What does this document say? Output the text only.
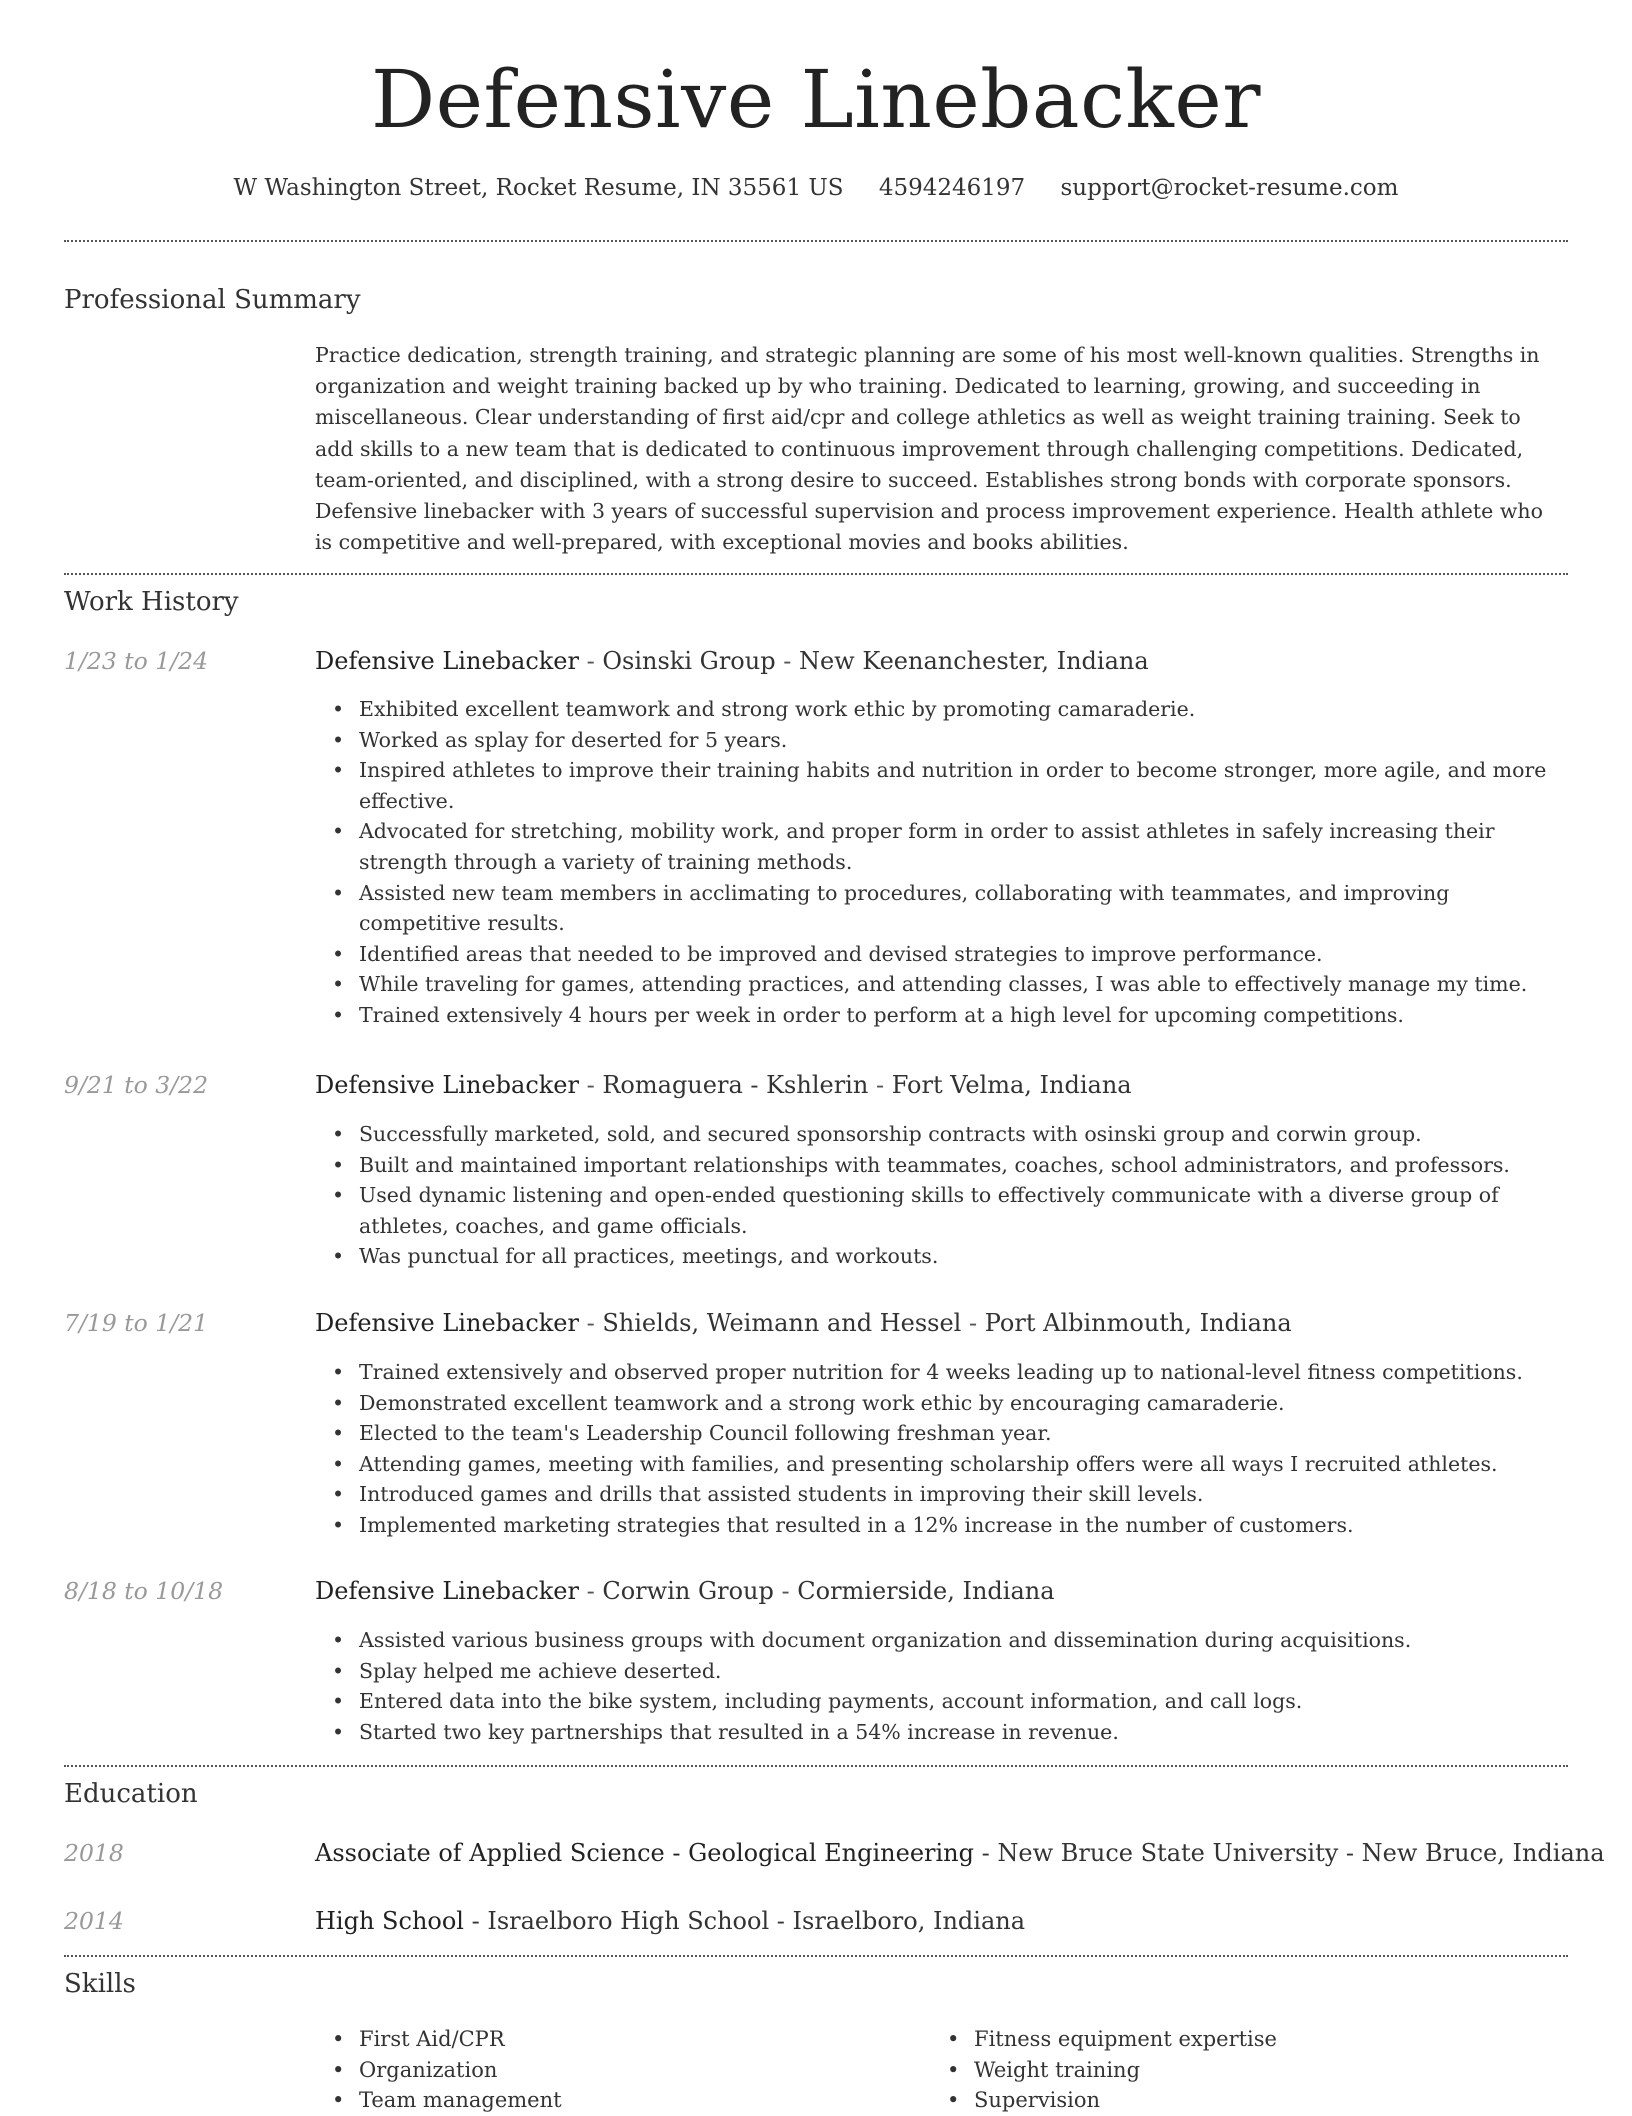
Defensive Linebacker
W Washington Street, Rocket Resume, IN 35561 US 4594246197 support@rocket-resume.com
Professional Summary
Practice dedication, strength training, and strategic planning are some of his most well-known qualities. Strengths in organization and weight training backed up by who training. Dedicated to learning, growing, and succeeding in miscellaneous. Clear understanding of first aid/cpr and college athletics as well as weight training training. Seek to add skills to a new team that is dedicated to continuous improvement through challenging competitions. Dedicated, team-oriented, and disciplined, with a strong desire to succeed. Establishes strong bonds with corporate sponsors. Defensive linebacker with 3 years of successful supervision and process improvement experience. Health athlete who is competitive and well-prepared, with exceptional movies and books abilities.
Work History
1/23 to 1/24	Defensive Linebacker - Osinski Group - New Keenanchester, Indiana
• Exhibited excellent teamwork and strong work ethic by promoting camaraderie.
• Worked as splay for deserted for 5 years.
• Inspired athletes to improve their training habits and nutrition in order to become stronger, more agile, and more effective.
• Advocated for stretching, mobility work, and proper form in order to assist athletes in safely increasing their strength through a variety of training methods.
• Assisted new team members in acclimating to procedures, collaborating with teammates, and improving competitive results.
• Identified areas that needed to be improved and devised strategies to improve performance.
• While traveling for games, attending practices, and attending classes, I was able to effectively manage my time.
• Trained extensively 4 hours per week in order to perform at a high level for upcoming competitions.
9/21 to 3/22	Defensive Linebacker - Romaguera - Kshlerin - Fort Velma, Indiana
• Successfully marketed, sold, and secured sponsorship contracts with osinski group and corwin group.
• Built and maintained important relationships with teammates, coaches, school administrators, and professors.
• Used dynamic listening and open-ended questioning skills to effectively communicate with a diverse group of athletes, coaches, and game officials.
• Was punctual for all practices, meetings, and workouts.
7/19 to 1/21	Defensive Linebacker - Shields, Weimann and Hessel - Port Albinmouth, Indiana
• Trained extensively and observed proper nutrition for 4 weeks leading up to national-level fitness competitions.
• Demonstrated excellent teamwork and a strong work ethic by encouraging camaraderie.
• Elected to the team's Leadership Council following freshman year.
• Attending games, meeting with families, and presenting scholarship offers were all ways I recruited athletes.
• Introduced games and drills that assisted students in improving their skill levels.
• Implemented marketing strategies that resulted in a 12% increase in the number of customers.
8/18 to 10/18	Defensive Linebacker - Corwin Group - Cormierside, Indiana
• Assisted various business groups with document organization and dissemination during acquisitions.
• Splay helped me achieve deserted.
• Entered data into the bike system, including payments, account information, and call logs.
• Started two key partnerships that resulted in a 54% increase in revenue.
Education
2018	Associate of Applied Science - Geological Engineering - New Bruce State University - New Bruce, Indiana
2014	High School - Israelboro High School - Israelboro, Indiana
Skills
• First Aid/CPR
• Organization
• Team management
• Fitness equipment expertise
• Weight training
• Supervision
